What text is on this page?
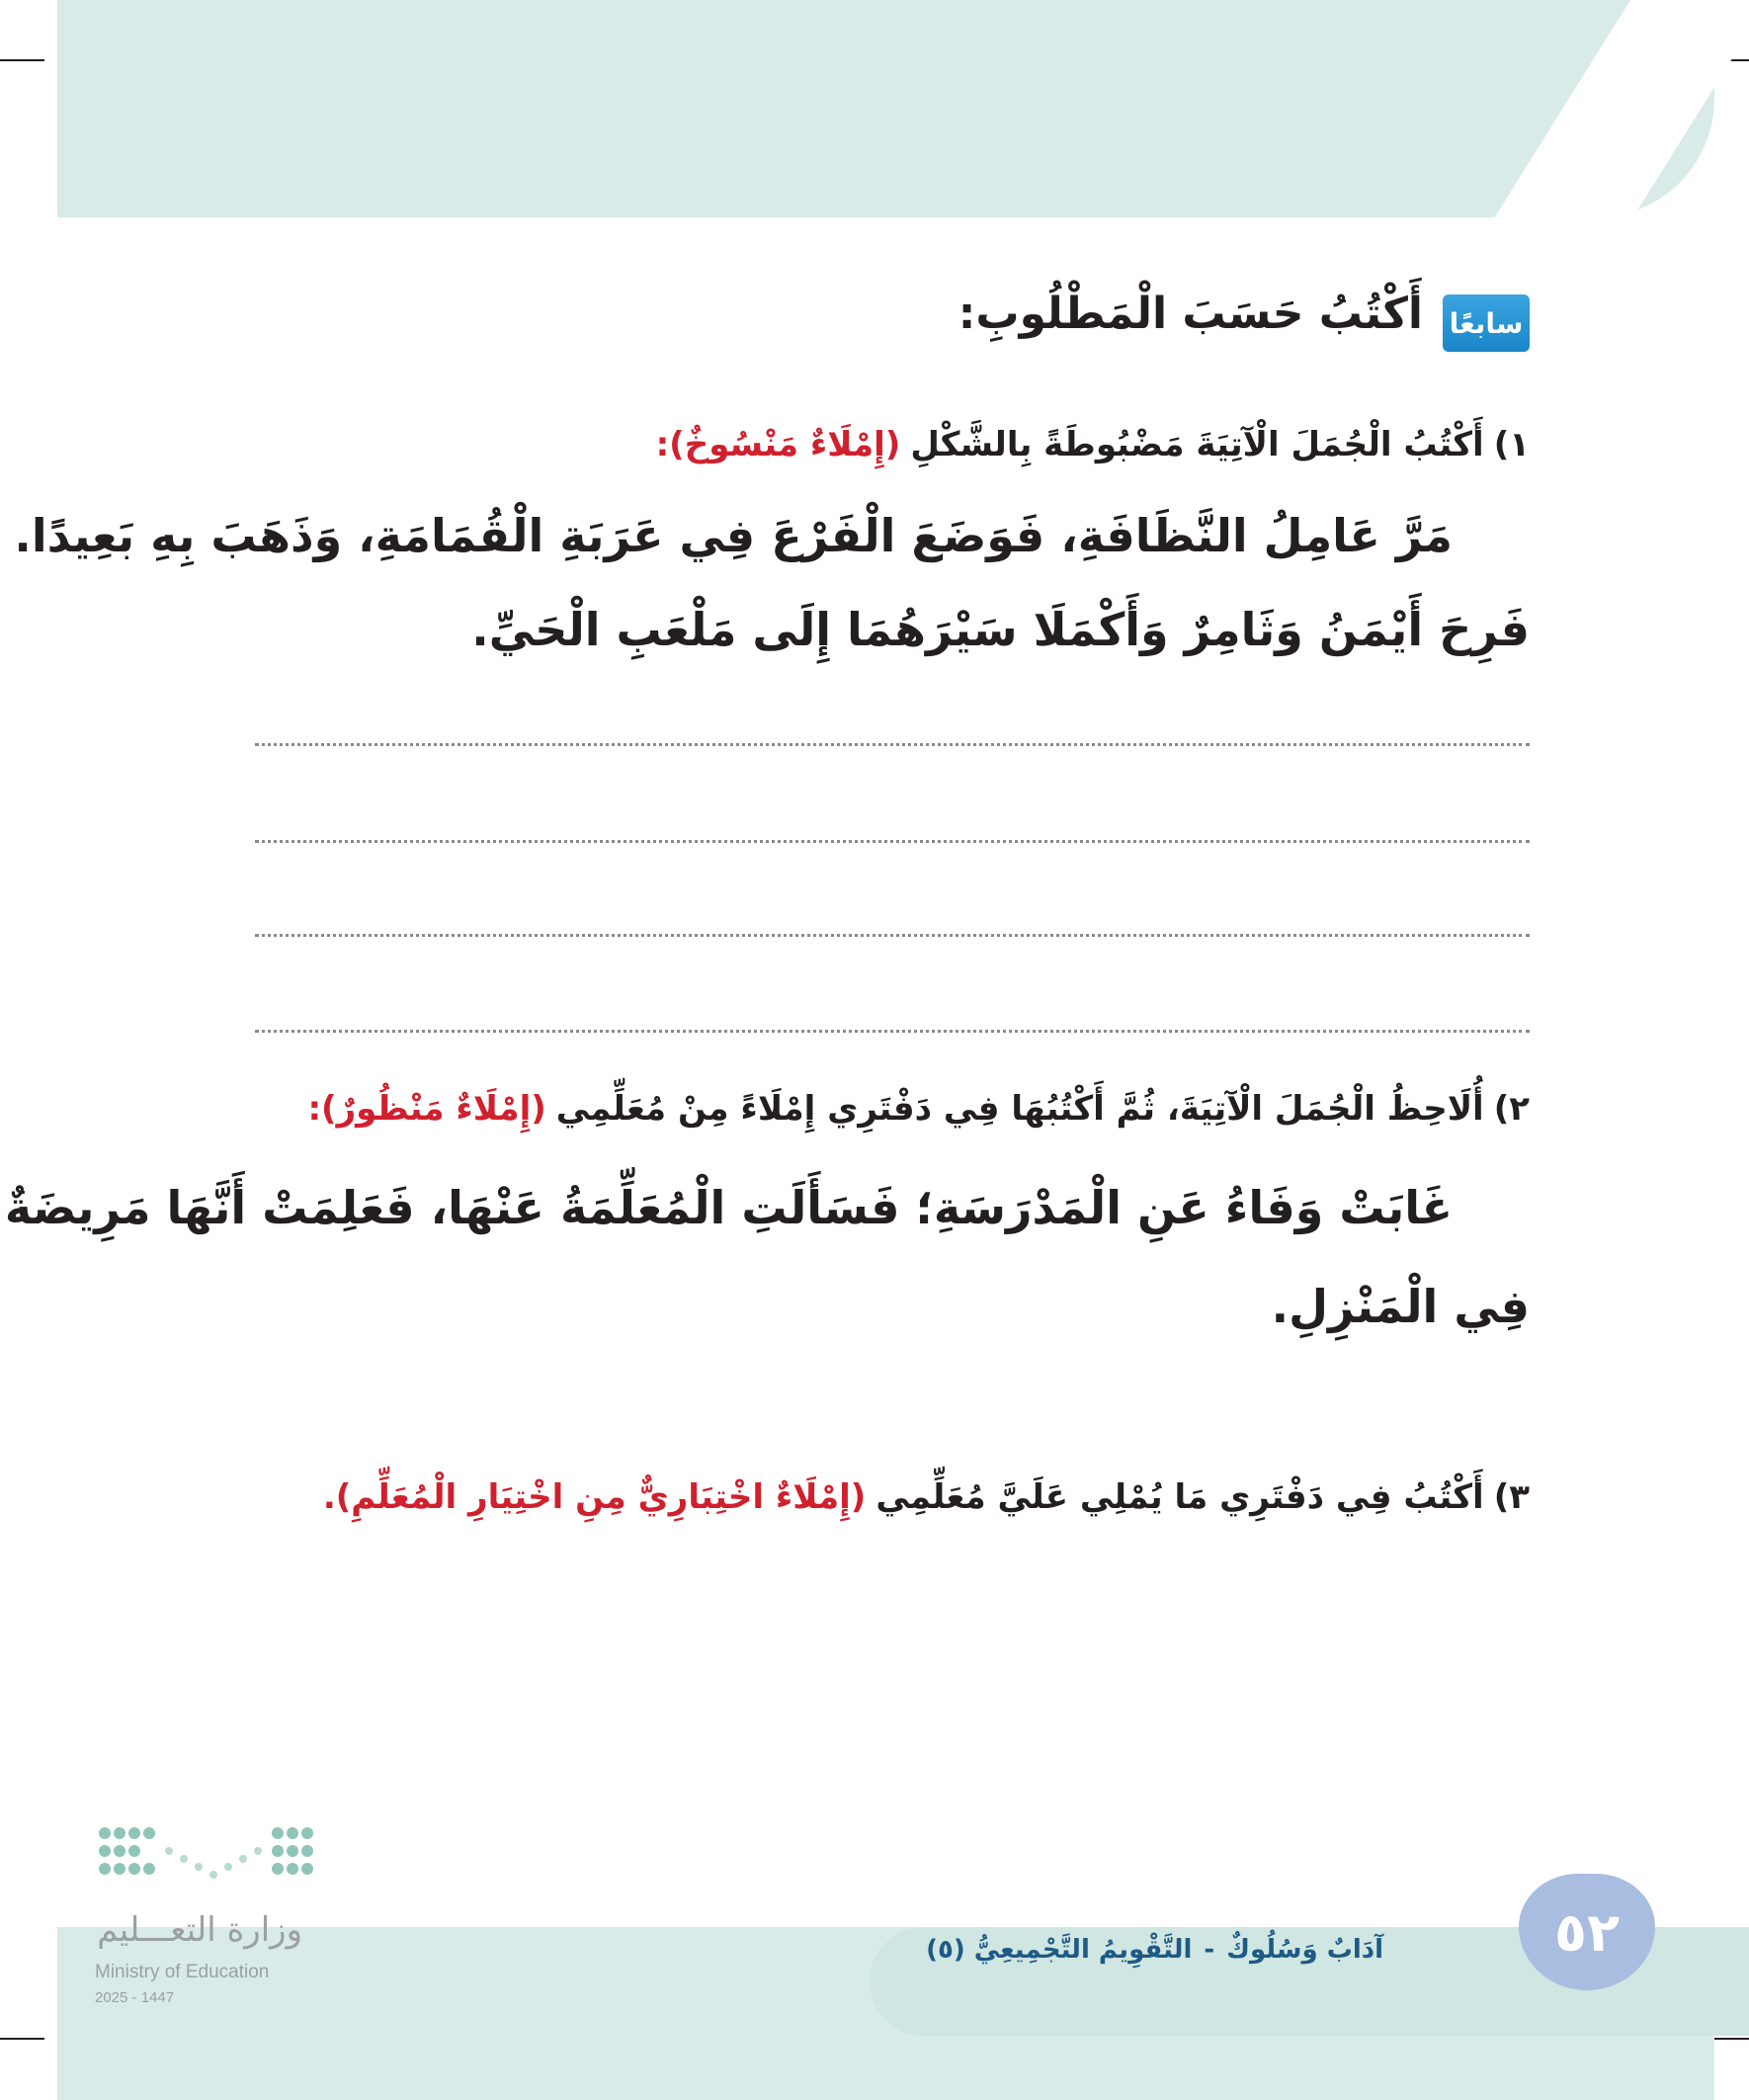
سابعًا
أَكْتُبُ حَسَبَ الْمَطْلُوبِ:
١)أَكْتُبُ الْجُمَلَ الْآتِيَةَ مَضْبُوطَةً بِالشَّكْلِ(إِمْلَاءٌ مَنْسُوخٌ):
مَرَّ عَامِلُ النَّظَافَةِ، فَوَضَعَ الْفَرْعَ فِي عَرَبَةِ الْقُمَامَةِ، وَذَهَبَ بِهِ بَعِيدًا.
فَرِحَ أَيْمَنُ وَثَامِرٌ وَأَكْمَلَا سَيْرَهُمَا إِلَى مَلْعَبِ الْحَيِّ.
٢)أُلَاحِظُ الْجُمَلَ الْآتِيَةَ، ثُمَّ أَكْتُبُهَا فِي دَفْتَرِي إِمْلَاءً مِنْ مُعَلِّمِي(إِمْلَاءٌ مَنْظُورٌ):
غَابَتْ وَفَاءُ عَنِ الْمَدْرَسَةِ؛ فَسَأَلَتِ الْمُعَلِّمَةُ عَنْهَا، فَعَلِمَتْ أَنَّهَا مَرِيضَةٌ
فِي الْمَنْزِلِ.
٣)أَكْتُبُ فِي دَفْتَرِي مَا يُمْلِي عَلَيَّ مُعَلِّمِي(إِمْلَاءٌ اخْتِبَارِيٌّ مِنِ اخْتِيَارِ الْمُعَلِّمِ).
آدَابٌ وَسُلُوكٌ-التَّقْوِيمُ التَّجْمِيعِيُّ (٥)	٥٢
وزارة التعـــليم
Ministry of Education
2025 - 1447
